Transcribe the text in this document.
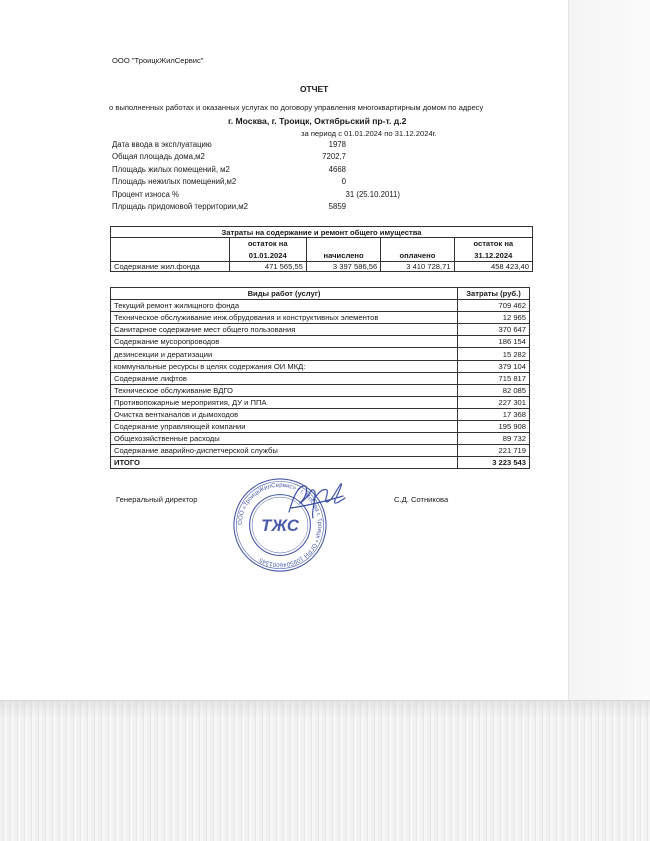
ООО "ТроицкЖилСервис"
ОТЧЕТ
о выполненных работах и оказанных услугах по договору управления многоквартирным домом по адресу
г. Москва, г. Троицк, Октябрьский пр-т. д.2
за период с 01.01.2024 по 31.12.2024г.
Дата ввода в эксплуатацию	1978
Общая площадь дома,м2	7202,7
Площадь жилых помещений, м2	4668
Площадь нежилых помещений,м2	0
Процент износа %	31 (25.10.2011)
Плрщадь придомовой территории,м2	5859
Затраты на содержание и ремонт общего имущества				
	остаток на			остаток на
	01.01.2024	начислено	оплачено	31.12.2024
Содержание жил.фонда	471 565,55	3 397 586,56	3 410 728,71	458 423,40
Виды работ (услуг)	Затраты (руб.)
Текущий ремонт жилищного фонда	709 462
Техническое обслуживание инж.обрудования и конструктивных элементов	12 965
Санитарное содержание мест общего пользования	370 647
Содержание мусоропроводов	186 154
дезинсекции и дератизации	15 282
коммунальные ресурсы в целях содержания ОИ МКД:	379 104
Содержание лифтов	715 817
Техническое обслуживание ВДГО	82 085
Противопожарные мероприятия, ДУ и ППА	227 301
Очистка вентканалов и дымоходов	17 368
Содержание управляющей компании	195 908
Общехозяйственные расходы	89 732
Содержание аварийно-диспетчерской службы	221 719
ИТОГО	3 223 543
Генеральный директор	С.Д. Сотникова
ООО «ТроицкЖилСервис» • г. Москва г. Троицк • ОГРН 1095046001345
ТЖС
